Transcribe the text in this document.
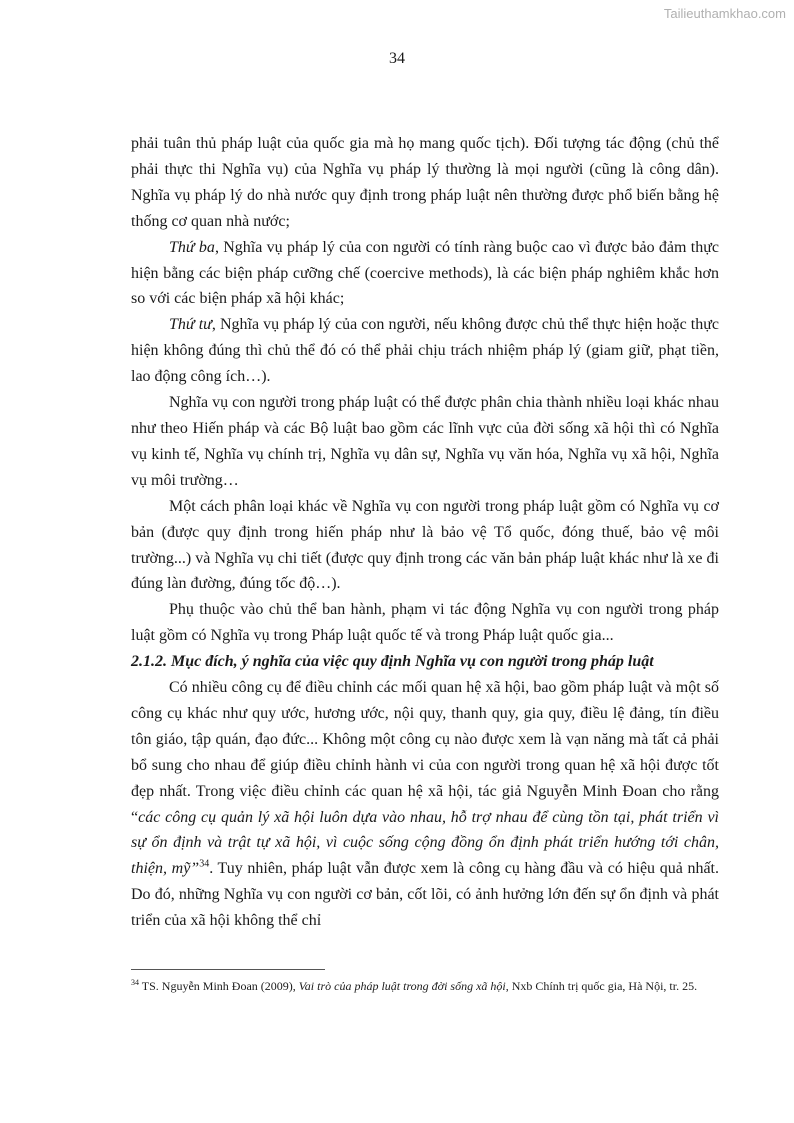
Tailieuthamkhao.com
34

phải tuân thủ pháp luật của quốc gia mà họ mang quốc tịch). Đối tượng tác động (chủ thể phải thực thi Nghĩa vụ) của Nghĩa vụ pháp lý thường là mọi người (cũng là công dân). Nghĩa vụ pháp lý do nhà nước quy định trong pháp luật nên thường được phổ biến bằng hệ thống cơ quan nhà nước;

Thứ ba, Nghĩa vụ pháp lý của con người có tính ràng buộc cao vì được bảo đảm thực hiện bằng các biện pháp cưỡng chế (coercive methods), là các biện pháp nghiêm khắc hơn so với các biện pháp xã hội khác;

Thứ tư, Nghĩa vụ pháp lý của con người, nếu không được chủ thể thực hiện hoặc thực hiện không đúng thì chủ thể đó có thể phải chịu trách nhiệm pháp lý (giam giữ, phạt tiền, lao động công ích…).

Nghĩa vụ con người trong pháp luật có thể được phân chia thành nhiều loại khác nhau như theo Hiến pháp và các Bộ luật bao gồm các lĩnh vực của đời sống xã hội thì có Nghĩa vụ kinh tế, Nghĩa vụ chính trị, Nghĩa vụ dân sự, Nghĩa vụ văn hóa, Nghĩa vụ xã hội, Nghĩa vụ môi trường…

Một cách phân loại khác về Nghĩa vụ con người trong pháp luật gồm có Nghĩa vụ cơ bản (được quy định trong hiến pháp như là bảo vệ Tổ quốc, đóng thuế, bảo vệ môi trường...) và Nghĩa vụ chi tiết (được quy định trong các văn bản pháp luật khác như là xe đi đúng làn đường, đúng tốc độ…).

Phụ thuộc vào chủ thể ban hành, phạm vi tác động Nghĩa vụ con người trong pháp luật gồm có Nghĩa vụ trong Pháp luật quốc tế và trong Pháp luật quốc gia...

2.1.2. Mục đích, ý nghĩa của việc quy định Nghĩa vụ con người trong pháp luật

Có nhiều công cụ để điều chỉnh các mối quan hệ xã hội, bao gồm pháp luật và một số công cụ khác như quy ước, hương ước, nội quy, thanh quy, gia quy, điều lệ đảng, tín điều tôn giáo, tập quán, đạo đức... Không một công cụ nào được xem là vạn năng mà tất cả phải bổ sung cho nhau để giúp điều chỉnh hành vi của con người trong quan hệ xã hội được tốt đẹp nhất. Trong việc điều chỉnh các quan hệ xã hội, tác giả Nguyễn Minh Đoan cho rằng “các công cụ quản lý xã hội luôn dựa vào nhau, hỗ trợ nhau để cùng tồn tại, phát triển vì sự ổn định và trật tự xã hội, vì cuộc sống cộng đồng ổn định phát triển hướng tới chân, thiện, mỹ”$^{34}$. Tuy nhiên, pháp luật vẫn được xem là công cụ hàng đầu và có hiệu quả nhất. Do đó, những Nghĩa vụ con người cơ bản, cốt lõi, có ảnh hưởng lớn đến sự ổn định và phát triển của xã hội không thể chỉ

$^{34}$ TS. Nguyễn Minh Đoan (2009), Vai trò của pháp luật trong đời sống xã hội, Nxb Chính trị quốc gia, Hà Nội, tr. 25.
